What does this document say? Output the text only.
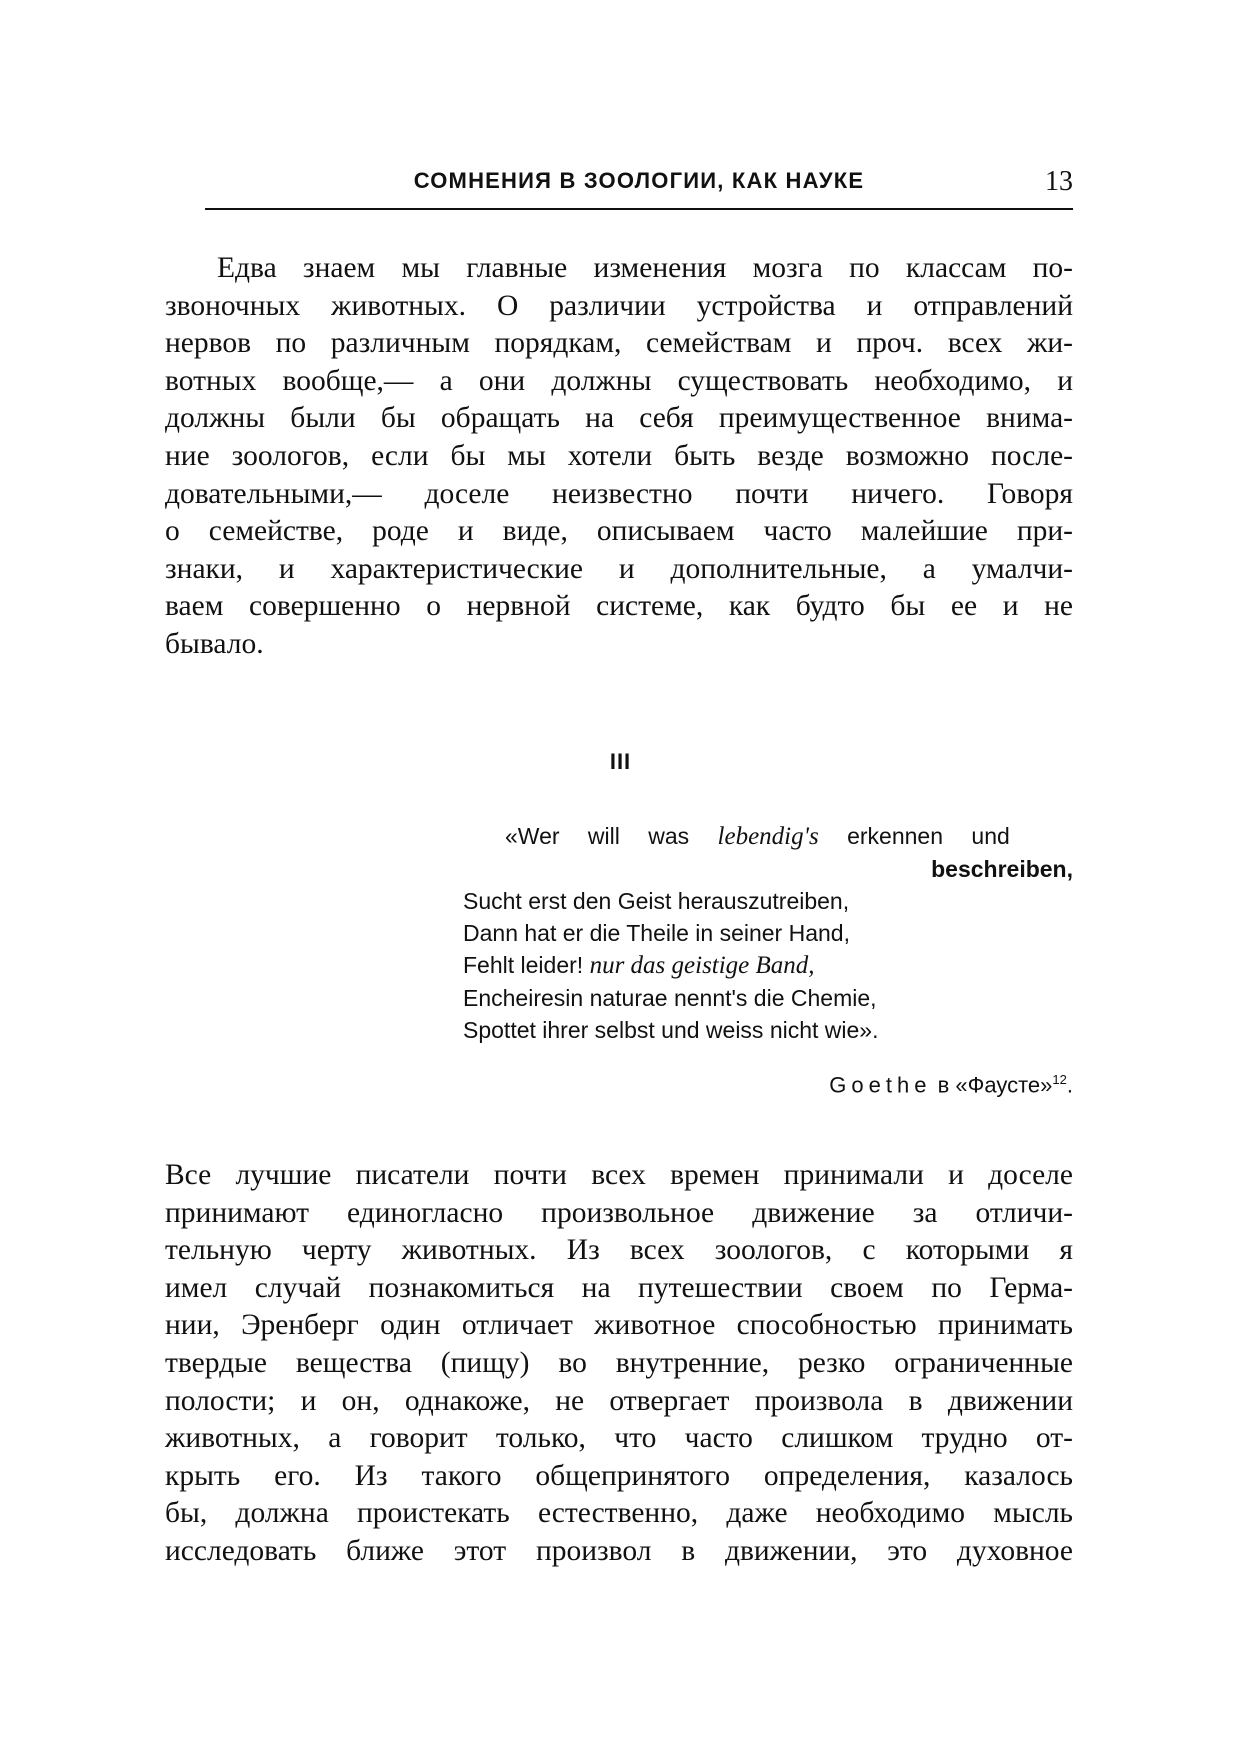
СОМНЕНИЯ В ЗООЛОГИИ, КАК НАУКЕ	13
Едва знаем мы главные изменения мозга по классам по-
звоночных животных. О различии устройства и отправлений
нервов по различным порядкам, семействам и проч. всех жи-
вотных вообще,— а они должны существовать необходимо, и
должны были бы обращать на себя преимущественное внима-
ние зоологов, если бы мы хотели быть везде возможно после-
довательными,— доселе неизвестно почти ничего. Говоря
о семействе, роде и виде, описываем часто малейшие при-
знаки, и характеристические и дополнительные, а умалчи-
ваем совершенно о нервной системе, как будто бы ее и не
бывало.
III
«Wer will was lebendig's erkennen und
beschreiben,
Sucht erst den Geist herauszutreiben,
Dann hat er die Theile in seiner Hand,
Fehlt leider! nur das geistige Band,
Encheiresin naturae nennt's die Chemie,
Spottet ihrer selbst und weiss nicht wie».
Goethe в «Фаусте»$^{12}$.
Все лучшие писатели почти всех времен принимали и доселе
принимают единогласно произвольное движение за отличи-
тельную черту животных. Из всех зоологов, с которыми я
имел случай познакомиться на путешествии своем по Герма-
нии, Эренберг один отличает животное способностью принимать
твердые вещества (пищу) во внутренние, резко ограниченные
полости; и он, однакоже, не отвергает произвола в движении
животных, а говорит только, что часто слишком трудно от-
крыть его. Из такого общепринятого определения, казалось
бы, должна проистекать естественно, даже необходимо мысль
исследовать ближе этот произвол в движении, это духовное
